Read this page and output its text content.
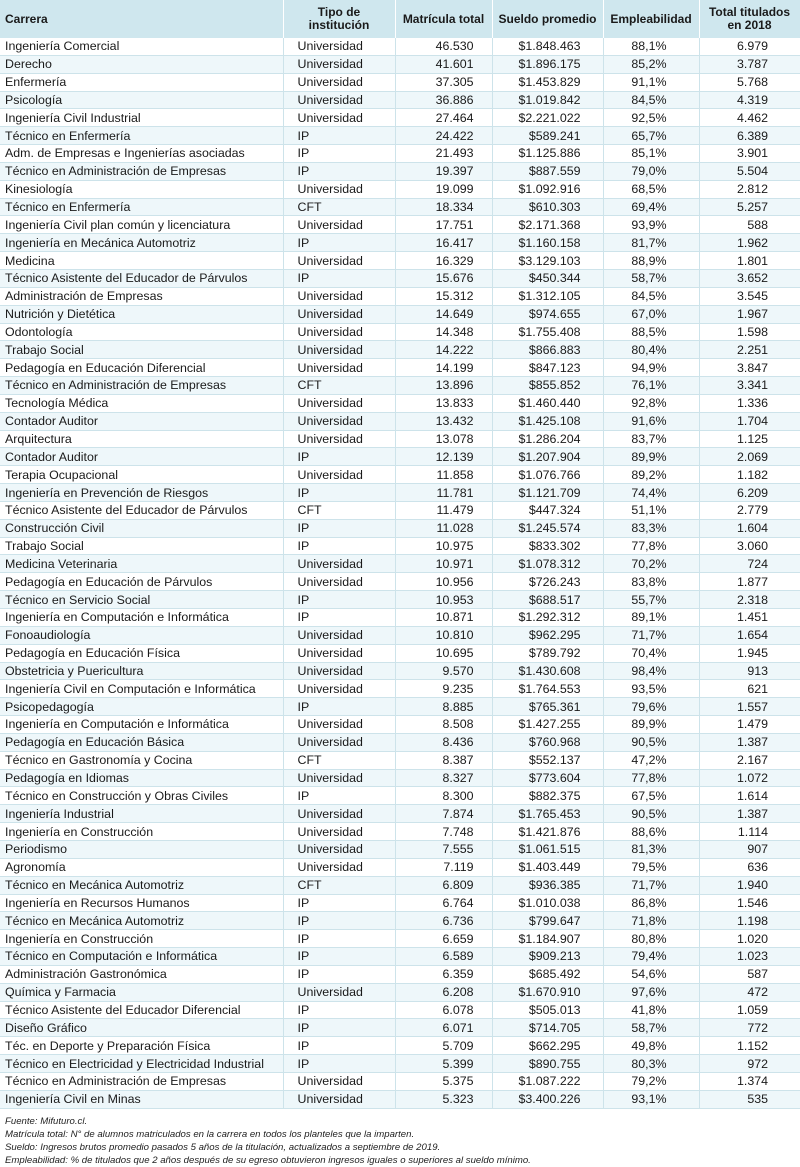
Carrera	Tipo de institución	Matrícula total	Sueldo promedio	Empleabilidad	Total titulados
en 2018
Ingeniería Comercial	Universidad	46.530	$1.848.463	88,1%	6.979
Derecho	Universidad	41.601	$1.896.175	85,2%	3.787
Enfermería	Universidad	37.305	$1.453.829	91,1%	5.768
Psicología	Universidad	36.886	$1.019.842	84,5%	4.319
Ingeniería Civil Industrial	Universidad	27.464	$2.221.022	92,5%	4.462
Técnico en Enfermería	IP	24.422	$589.241	65,7%	6.389
Adm. de Empresas e Ingenierías asociadas	IP	21.493	$1.125.886	85,1%	3.901
Técnico en Administración de Empresas	IP	19.397	$887.559	79,0%	5.504
Kinesiología	Universidad	19.099	$1.092.916	68,5%	2.812
Técnico en Enfermería	CFT	18.334	$610.303	69,4%	5.257
Ingeniería Civil plan común y licenciatura	Universidad	17.751	$2.171.368	93,9%	588
Ingeniería en Mecánica Automotriz	IP	16.417	$1.160.158	81,7%	1.962
Medicina	Universidad	16.329	$3.129.103	88,9%	1.801
Técnico Asistente del Educador de Párvulos	IP	15.676	$450.344	58,7%	3.652
Administración de Empresas	Universidad	15.312	$1.312.105	84,5%	3.545
Nutrición y Dietética	Universidad	14.649	$974.655	67,0%	1.967
Odontología	Universidad	14.348	$1.755.408	88,5%	1.598
Trabajo Social	Universidad	14.222	$866.883	80,4%	2.251
Pedagogía en Educación Diferencial	Universidad	14.199	$847.123	94,9%	3.847
Técnico en Administración de Empresas	CFT	13.896	$855.852	76,1%	3.341
Tecnología Médica	Universidad	13.833	$1.460.440	92,8%	1.336
Contador Auditor	Universidad	13.432	$1.425.108	91,6%	1.704
Arquitectura	Universidad	13.078	$1.286.204	83,7%	1.125
Contador Auditor	IP	12.139	$1.207.904	89,9%	2.069
Terapia Ocupacional	Universidad	11.858	$1.076.766	89,2%	1.182
Ingeniería en Prevención de Riesgos	IP	11.781	$1.121.709	74,4%	6.209
Técnico Asistente del Educador de Párvulos	CFT	11.479	$447.324	51,1%	2.779
Construcción Civil	IP	11.028	$1.245.574	83,3%	1.604
Trabajo Social	IP	10.975	$833.302	77,8%	3.060
Medicina Veterinaria	Universidad	10.971	$1.078.312	70,2%	724
Pedagogía en Educación de Párvulos	Universidad	10.956	$726.243	83,8%	1.877
Técnico en Servicio Social	IP	10.953	$688.517	55,7%	2.318
Ingeniería en Computación e Informática	IP	10.871	$1.292.312	89,1%	1.451
Fonoaudiología	Universidad	10.810	$962.295	71,7%	1.654
Pedagogía en Educación Física	Universidad	10.695	$789.792	70,4%	1.945
Obstetricia y Puericultura	Universidad	9.570	$1.430.608	98,4%	913
Ingeniería Civil en Computación e Informática	Universidad	9.235	$1.764.553	93,5%	621
Psicopedagogía	IP	8.885	$765.361	79,6%	1.557
Ingeniería en Computación e Informática	Universidad	8.508	$1.427.255	89,9%	1.479
Pedagogía en Educación Básica	Universidad	8.436	$760.968	90,5%	1.387
Técnico en Gastronomía y Cocina	CFT	8.387	$552.137	47,2%	2.167
Pedagogía en Idiomas	Universidad	8.327	$773.604	77,8%	1.072
Técnico en Construcción y Obras Civiles	IP	8.300	$882.375	67,5%	1.614
Ingeniería Industrial	Universidad	7.874	$1.765.453	90,5%	1.387
Ingeniería en Construcción	Universidad	7.748	$1.421.876	88,6%	1.114
Periodismo	Universidad	7.555	$1.061.515	81,3%	907
Agronomía	Universidad	7.119	$1.403.449	79,5%	636
Técnico en Mecánica Automotriz	CFT	6.809	$936.385	71,7%	1.940
Ingeniería en Recursos Humanos	IP	6.764	$1.010.038	86,8%	1.546
Técnico en Mecánica Automotriz	IP	6.736	$799.647	71,8%	1.198
Ingeniería en Construcción	IP	6.659	$1.184.907	80,8%	1.020
Técnico en Computación e Informática	IP	6.589	$909.213	79,4%	1.023
Administración Gastronómica	IP	6.359	$685.492	54,6%	587
Química y Farmacia	Universidad	6.208	$1.670.910	97,6%	472
Técnico Asistente del Educador Diferencial	IP	6.078	$505.013	41,8%	1.059
Diseño Gráfico	IP	6.071	$714.705	58,7%	772
Téc. en Deporte y Preparación Física	IP	5.709	$662.295	49,8%	1.152
Técnico en Electricidad y Electricidad Industrial	IP	5.399	$890.755	80,3%	972
Técnico en Administración de Empresas	Universidad	5.375	$1.087.222	79,2%	1.374
Ingeniería Civil en Minas	Universidad	5.323	$3.400.226	93,1%	535
Fuente: Mifuturo.cl.
Matrícula total: N° de alumnos matriculados en la carrera en todos los planteles que la imparten.
Sueldo: Ingresos brutos promedio pasados 5 años de la titulación, actualizados a septiembre de 2019.
Empleabilidad: % de titulados que 2 años después de su egreso obtuvieron ingresos iguales o superiores al sueldo mínimo.
